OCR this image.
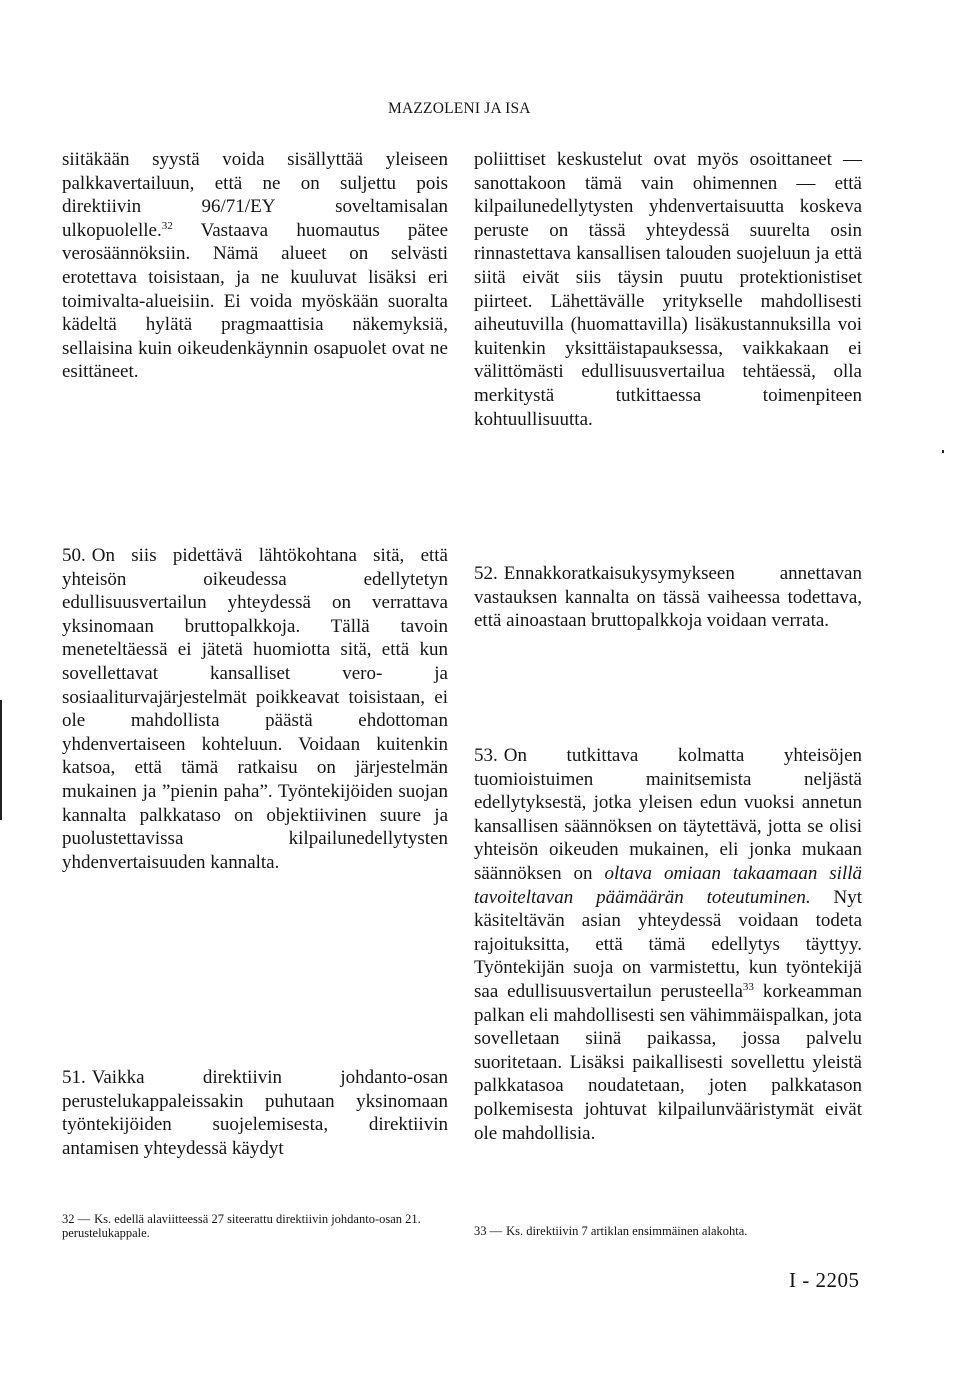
MAZZOLENI JA ISA

siitäkään syystä voida sisällyttää yleiseen palkkavertailuun, että ne on suljettu pois direktiivin 96/71/EY soveltamisalan ulkopuolelle.$^{32}$ Vastaava huomautus pätee verosäännöksiin. Nämä alueet on selvästi erotettava toisistaan, ja ne kuuluvat lisäksi eri toimivalta-alueisiin. Ei voida myöskään suoralta kädeltä hylätä pragmaattisia näkemyksiä, sellaisina kuin oikeudenkäynnin osapuolet ovat ne esittäneet.

poliittiset keskustelut ovat myös osoittaneet — sanottakoon tämä vain ohimennen — että kilpailunedellytysten yhdenvertaisuutta koskeva peruste on tässä yhteydessä suurelta osin rinnastettava kansallisen talouden suojeluun ja että siitä eivät siis täysin puutu protektionistiset piirteet. Lähettävälle yritykselle mahdollisesti aiheutuvilla (huomattavilla) lisäkustannuksilla voi kuitenkin yksittäistapauksessa, vaikkakaan ei välittömästi edullisuusvertailua tehtäessä, olla merkitystä tutkittaessa toimenpiteen kohtuullisuutta.

50. On siis pidettävä lähtökohtana sitä, että yhteisön oikeudessa edellytetyn edullisuusvertailun yhteydessä on verrattava yksinomaan bruttopalkkoja. Tällä tavoin meneteltäessä ei jätetä huomiotta sitä, että kun sovellettavat kansalliset vero- ja sosiaaliturvajärjestelmät poikkeavat toisistaan, ei ole mahdollista päästä ehdottoman yhdenvertaiseen kohteluun. Voidaan kuitenkin katsoa, että tämä ratkaisu on järjestelmän mukainen ja ”pienin paha”. Työntekijöiden suojan kannalta palkkataso on objektiivinen suure ja puolustettavissa kilpailunedellytysten yhdenvertaisuuden kannalta.

51. Vaikka direktiivin johdanto-osan perustelukappaleissakin puhutaan yksinomaan työntekijöiden suojelemisesta, direktiivin antamisen yhteydessä käydyt

52. Ennakkoratkaisukysymykseen annettavan vastauksen kannalta on tässä vaiheessa todettava, että ainoastaan bruttopalkkoja voidaan verrata.

53. On tutkittava kolmatta yhteisöjen tuomioistuimen mainitsemista neljästä edellytyksestä, jotka yleisen edun vuoksi annetun kansallisen säännöksen on täytettävä, jotta se olisi yhteisön oikeuden mukainen, eli jonka mukaan säännöksen on oltava omiaan takaamaan sillä tavoiteltavan päämäärän toteutuminen. Nyt käsiteltävän asian yhteydessä voidaan todeta rajoituksitta, että tämä edellytys täyttyy. Työntekijän suoja on varmistettu, kun työntekijä saa edullisuusvertailun perusteella$^{33}$ korkeamman palkan eli mahdollisesti sen vähimmäispalkan, jota sovelletaan siinä paikassa, jossa palvelu suoritetaan. Lisäksi paikallisesti sovellettu yleistä palkkatasoa noudatetaan, joten palkkatason polkemisesta johtuvat kilpailunvääristymät eivät ole mahdollisia.

32 — Ks. edellä alaviitteessä 27 siteerattu direktiivin johdanto-osan 21. perustelukappale.	33 — Ks. direktiivin 7 artiklan ensimmäinen alakohta.
I - 2205
